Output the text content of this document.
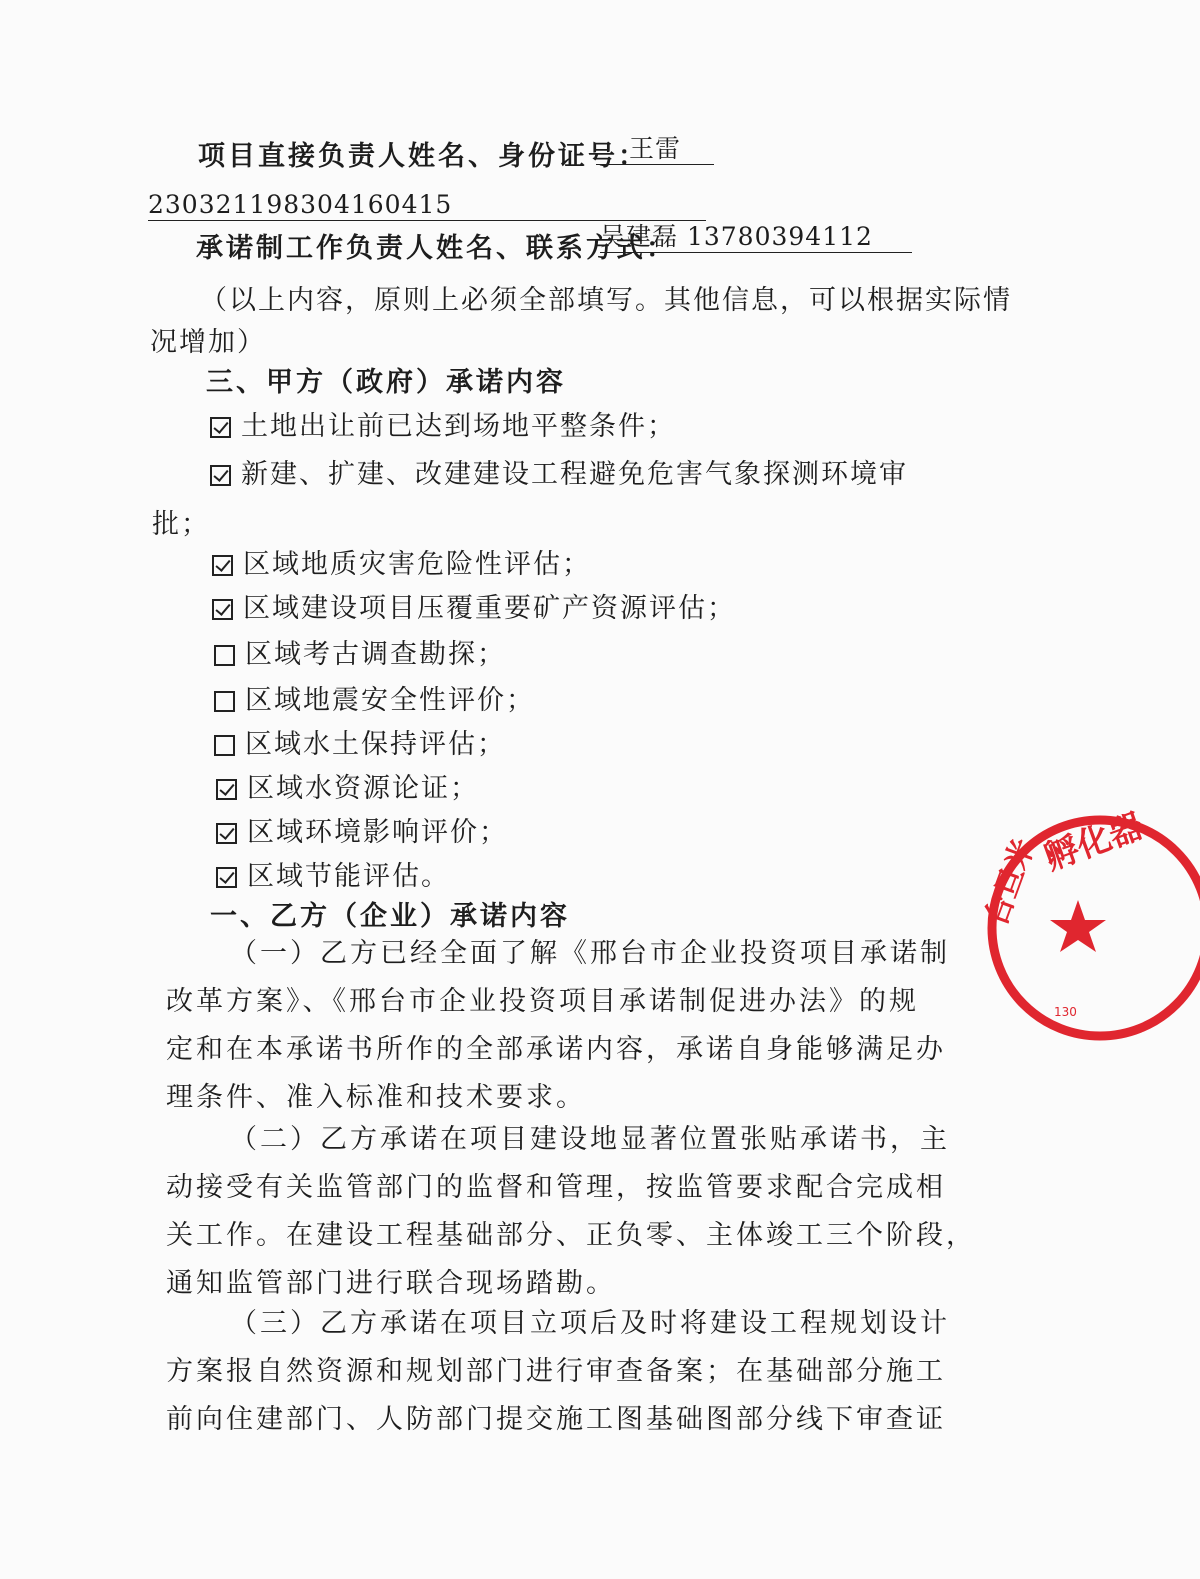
项目直接负责人姓名、身份证号：
王雷
230321198304160415
承诺制工作负责人姓名、联系方式：
吴建磊 13780394112
（以上内容，原则上必须全部填写。其他信息，可以根据实际情
况增加）
三、甲方（政府）承诺内容
土地出让前已达到场地平整条件；
新建、扩建、改建建设工程避免危害气象探测环境审
批；
区域地质灾害危险性评估；
区域建设项目压覆重要矿产资源评估；
区域考古调查勘探；
区域地震安全性评价；
区域水土保持评估；
区域水资源论证；
区域环境影响评价；
区域节能评估。
一、乙方（企业）承诺内容
（一）乙方已经全面了解《邢台市企业投资项目承诺制
改革方案》、《邢台市企业投资项目承诺制促进办法》的规
定和在本承诺书所作的全部承诺内容，承诺自身能够满足办
理条件、准入标准和技术要求。
（二）乙方承诺在项目建设地显著位置张贴承诺书，主
动接受有关监管部门的监督和管理，按监管要求配合完成相
关工作。在建设工程基础部分、正负零、主体竣工三个阶段，
通知监管部门进行联合现场踏勘。
（三）乙方承诺在项目立项后及时将建设工程规划设计
方案报自然资源和规划部门进行审查备案；在基础部分施工
前向住建部门、人防部门提交施工图基础图部分线下审查证
孵化器
台旦米
130
